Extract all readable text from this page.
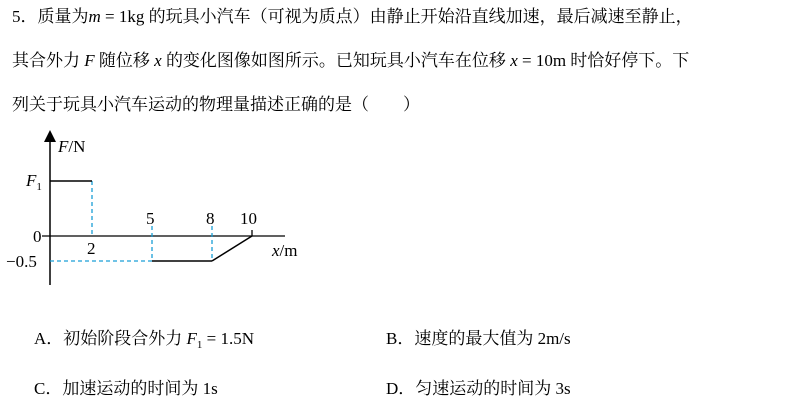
5．质量为m = 1kg 的玩具小汽车（可视为质点）由静止开始沿直线加速，最后减速至静止，
其合外力 F 随位移 x 的变化图像如图所示。已知玩具小汽车在位移 x = 10m 时恰好停下。下
列关于玩具小汽车运动的物理量描述正确的是（　　）
F/N
$F_1$
0
−0.5
2
5	8 10
x/m
A．初始阶段合外力 $F_1 = 1.5N$	B．速度的最大值为 2m/s
C．加速运动的时间为 1s	D．匀速运动的时间为 3s
